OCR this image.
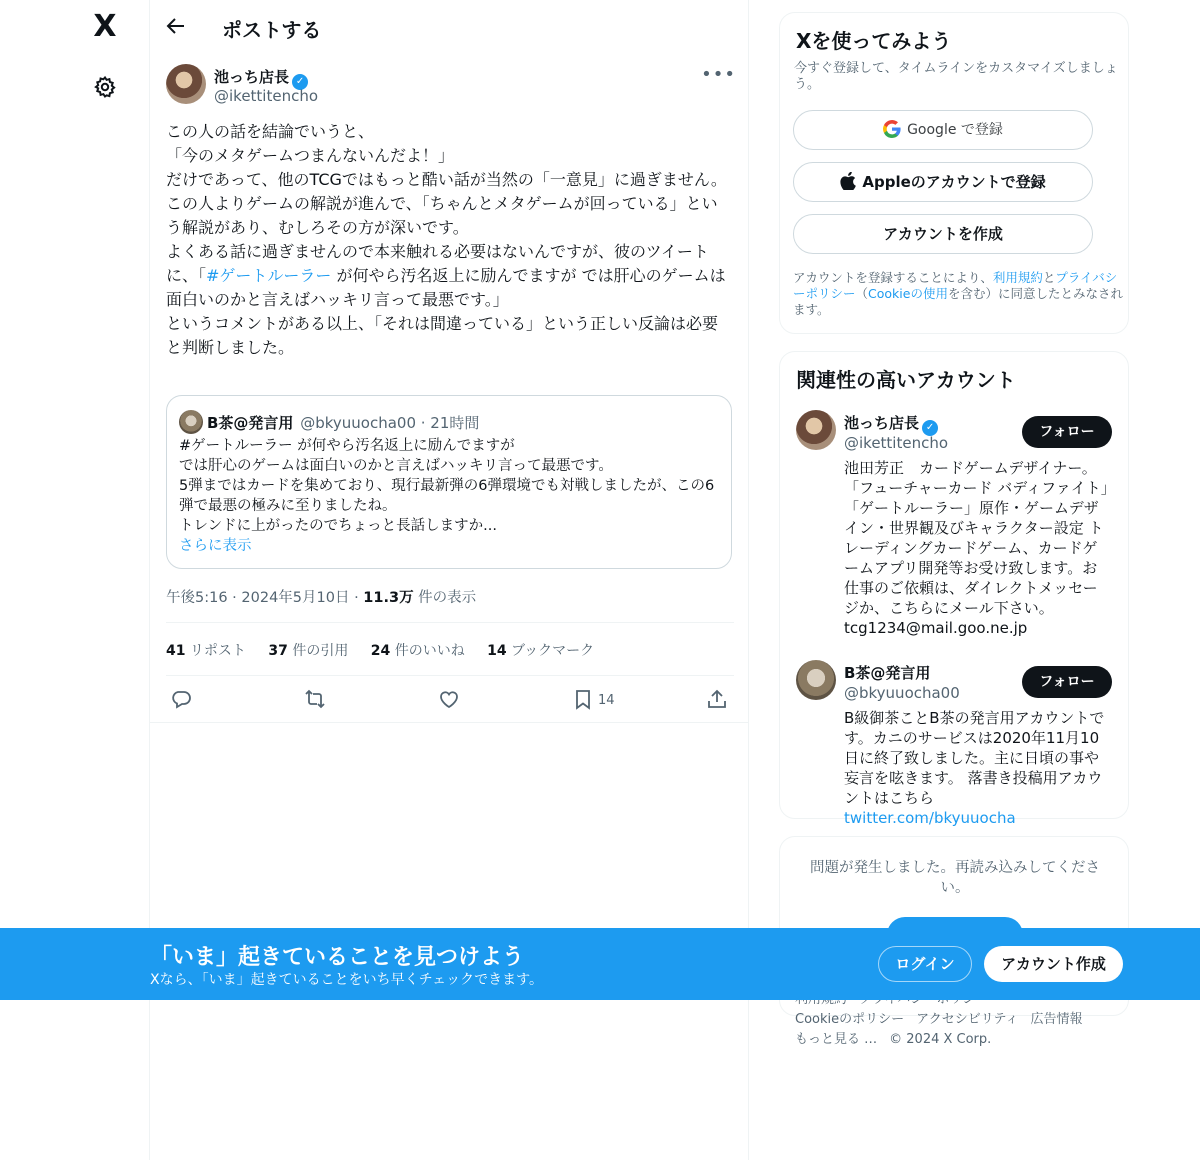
X	ポストする
池っち店長 ✓
@ikettitencho
•••
この人の話を結論でいうと、
「今のメタゲームつまんないんだよ！」
だけであって、他のTCGではもっと酷い話が当然の「一意見」に過ぎません。
この人よりゲームの解説が進んで、「ちゃんとメタゲームが回っている」という解説があり、むしろその方が深いです。
よくある話に過ぎませんので本来触れる必要はないんですが、彼のツイートに、「#ゲートルーラー が何やら汚名返上に励んでますが では肝心のゲームは面白いのかと言えばハッキリ言って最悪です。」
というコメントがある以上、「それは間違っている」という正しい反論は必要と判断しました。
B茶@発言用 @bkyuuocha00 · 21時間
#ゲートルーラー が何やら汚名返上に励んでますが
では肝心のゲームは面白いのかと言えばハッキリ言って最悪です。
5弾まではカードを集めており、現行最新弾の6弾環境でも対戦しましたが、この6弾で最悪の極みに至りましたね。
トレンドに上がったのでちょっと長話しますか...
さらに表示
午後5:16 · 2024年5月10日 · 11.3万 件の表示
41 リポスト 37 件の引用 24 件のいいね 14 ブックマーク
14
Xを使ってみよう
今すぐ登録して、タイムラインをカスタマイズしましょう。
Google で登録
Appleのアカウントで登録
アカウントを作成
アカウントを登録することにより、利用規約とプライバシーポリシー（Cookieの使用を含む）に同意したとみなされます。
関連性の高いアカウント
池っち店長 ✓
@ikettitencho
フォロー
池田芳正　カードゲームデザイナー。「フューチャーカード バディファイト」「ゲートルーラー」原作・ゲームデザイン・世界観及びキャラクター設定 トレーディングカードゲーム、カードゲームアプリ開発等お受け致します。お仕事のご依頼は、ダイレクトメッセージか、こちらにメール下さい。tcg1234@mail.goo.ne.jp
B茶@発言用
@bkyuuocha00
フォロー
B級御茶ことB茶の発言用アカウントです。カニのサービスは2020年11月10日に終了致しました。主に日頃の事や妄言を呟きます。 落書き投稿用アカウントはこちら twitter.com/bkyuuocha
問題が発生しました。再読み込みしてください。

Cookieのポリシー アクセシビリティ 広告情報
もっと見る … © 2024 X Corp.
「いま」起きていることを見つけよう
Xなら、「いま」起きていることをいち早くチェックできます。
ログイン	アカウント作成
